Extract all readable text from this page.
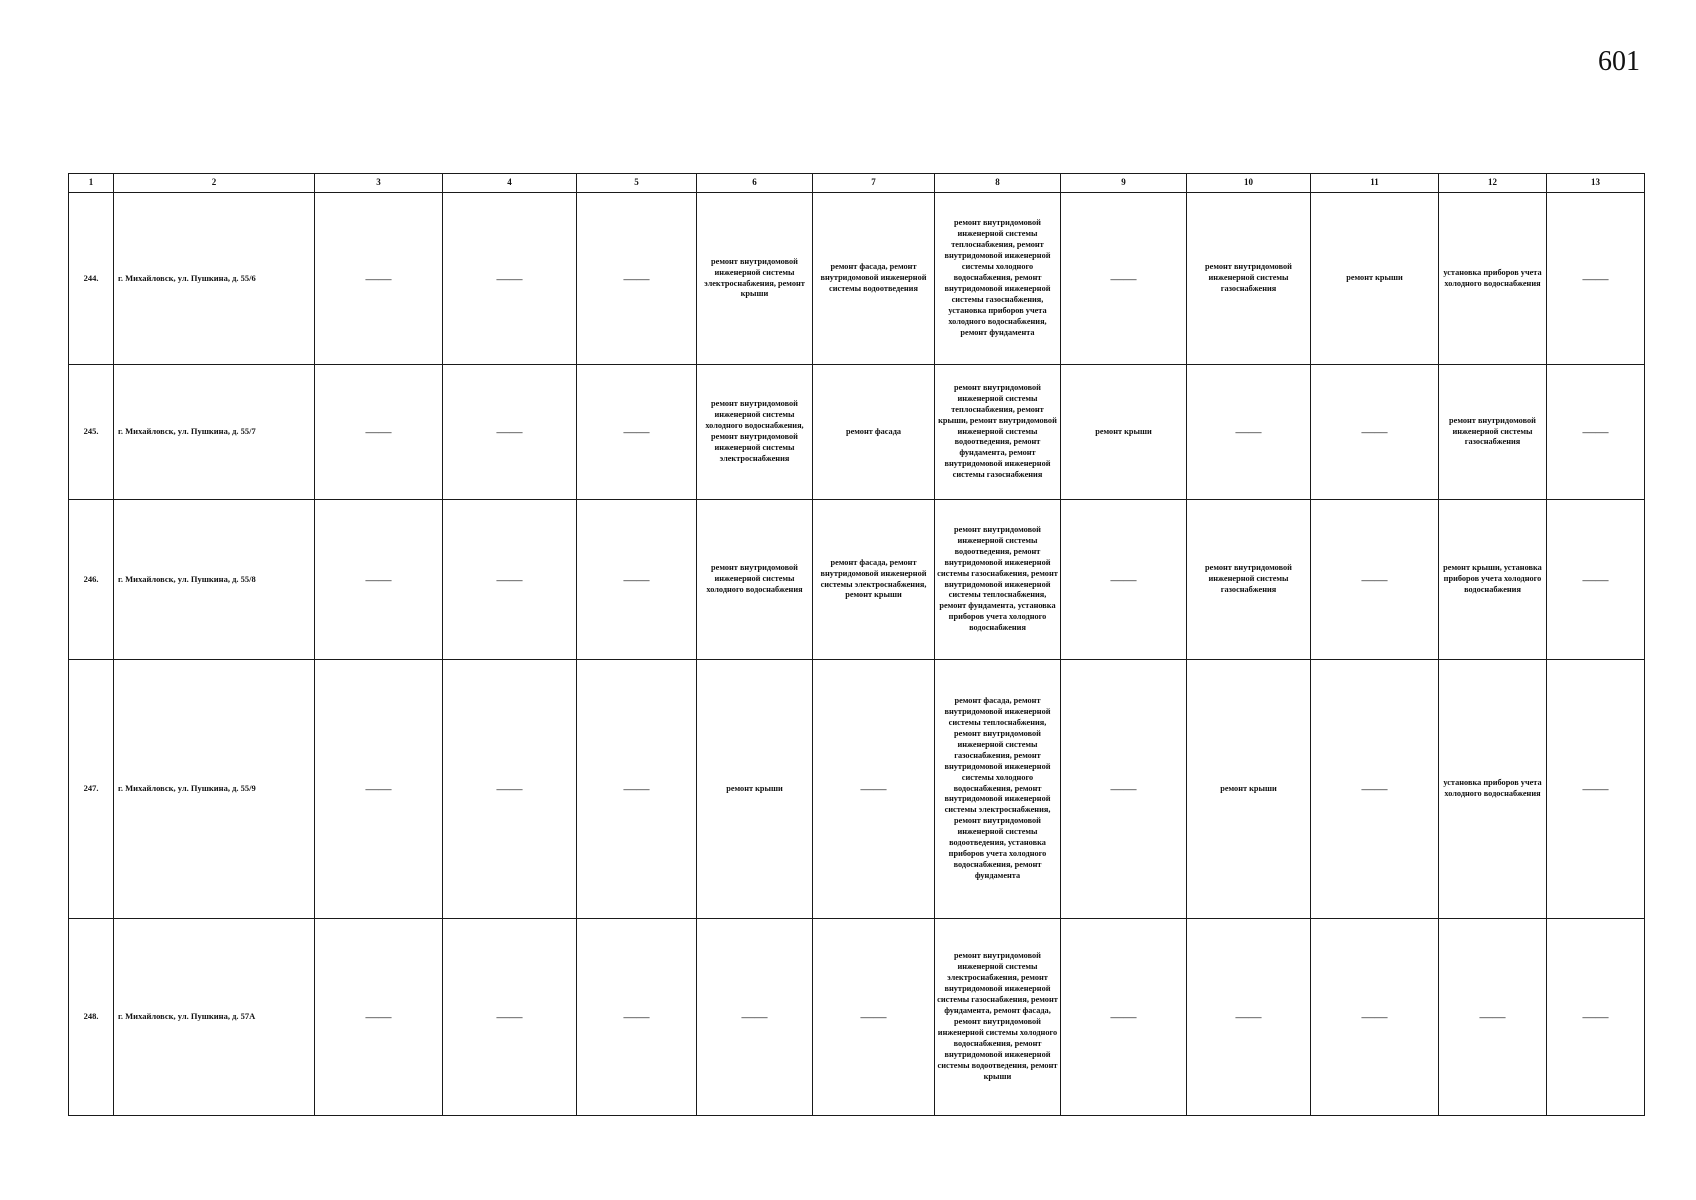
601
1	2	3	4	5	6	7	8	9	10	11	12	13
244.	г. Михайловск, ул. Пушкина, д. 55/6	——	——	——	ремонт внутридомовой инженерной системы электроснабжения, ремонт крыши	ремонт фасада, ремонт внутридомовой инженерной системы водоотведения	ремонт внутридомовой инженерной системы теплоснабжения, ремонт внутридомовой инженерной системы холодного водоснабжения, ремонт внутридомовой инженерной системы газоснабжения, установка приборов учета холодного водоснабжения, ремонт фундамента	——	ремонт внутридомовой инженерной системы газоснабжения	ремонт крыши	установка приборов учета холодного водоснабжения	——
245.	г. Михайловск, ул. Пушкина, д. 55/7	——	——	——	ремонт внутридомовой инженерной системы холодного водоснабжения, ремонт внутридомовой инженерной системы электроснабжения	ремонт фасада	ремонт внутридомовой инженерной системы теплоснабжения, ремонт крыши, ремонт внутридомовой инженерной системы водоотведения, ремонт фундамента, ремонт внутридомовой инженерной системы газоснабжения	ремонт крыши	——	——	ремонт внутридомовой инженерной системы газоснабжения	——
246.	г. Михайловск, ул. Пушкина, д. 55/8	——	——	——	ремонт внутридомовой инженерной системы холодного водоснабжения	ремонт фасада, ремонт внутридомовой инженерной системы электроснабжения, ремонт крыши	ремонт внутридомовой инженерной системы водоотведения, ремонт внутридомовой инженерной системы газоснабжения, ремонт внутридомовой инженерной системы теплоснабжения, ремонт фундамента, установка приборов учета холодного водоснабжения	——	ремонт внутридомовой инженерной системы газоснабжения	——	ремонт крыши, установка приборов учета холодного водоснабжения	——
247.	г. Михайловск, ул. Пушкина, д. 55/9	——	——	——	ремонт крыши	——	ремонт фасада, ремонт внутридомовой инженерной системы теплоснабжения, ремонт внутридомовой инженерной системы газоснабжения, ремонт внутридомовой инженерной системы холодного водоснабжения, ремонт внутридомовой инженерной системы электроснабжения, ремонт внутридомовой инженерной системы водоотведения, установка приборов учета холодного водоснабжения, ремонт фундамента	——	ремонт крыши	——	установка приборов учета холодного водоснабжения	——
248.	г. Михайловск, ул. Пушкина, д. 57А	——	——	——	——	——	ремонт внутридомовой инженерной системы электроснабжения, ремонт внутридомовой инженерной системы газоснабжения, ремонт фундамента, ремонт фасада, ремонт внутридомовой инженерной системы холодного водоснабжения, ремонт внутридомовой инженерной системы водоотведения, ремонт крыши	——	——	——	——	——
